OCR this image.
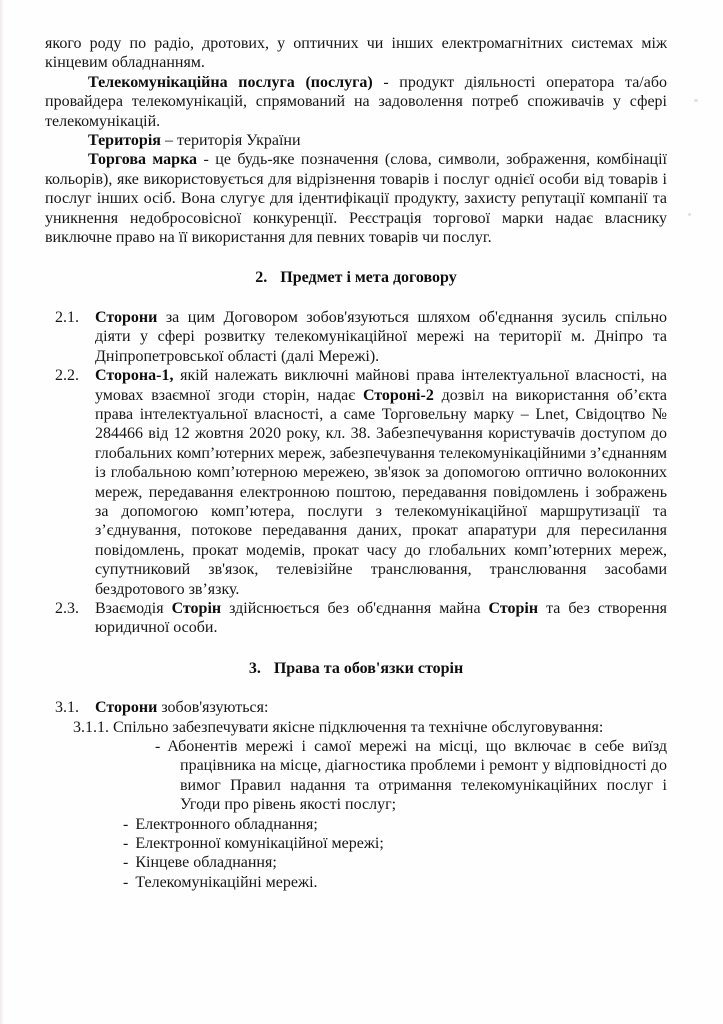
якого роду по радіо, дротових, у оптичних чи інших електромагнітних системах між кінцевим обладнанням.
Телекомунікаційна послуга (послуга) - продукт діяльності оператора та/або провайдера телекомунікацій, спрямований на задоволення потреб споживачів у сфері телекомунікацій.
Територія – територія України
Торгова марка - це будь-яке позначення (слова, символи, зображення, комбінації кольорів), яке використовується для відрізнення товарів і послуг однієї особи від товарів і послуг інших осіб. Вона слугує для ідентифікації продукту, захисту репутації компанії та уникнення недобросовісної конкуренції. Реєстрація торгової марки надає власнику виключне право на її використання для певних товарів чи послуг.
2. Предмет і мета договору
2.1. Сторони за цим Договором зобов'язуються шляхом об'єднання зусиль спільно діяти у сфері розвитку телекомунікаційної мережі на території м. Дніпро та Дніпропетровської області (далі Мережі).
2.2. Сторона-1, якій належать виключні майнові права інтелектуальної власності, на умовах взаємної згоди сторін, надає Стороні-2 дозвіл на використання об’єкта права інтелектуальної власності, а саме Торговельну марку – Lnet, Свідоцтво № 284466 від 12 жовтня 2020 року, кл. 38. Забезпечування користувачів доступом до глобальних комп’ютерних мереж, забезпечування телекомунікаційними з’єднанням із глобальною комп’ютерною мережею, зв'язок за допомогою оптично волоконних мереж, передавання електронною поштою, передавання повідомлень і зображень за допомогою комп’ютера, послуги з телекомунікаційної маршрутизації та з’єднування, потокове передавання даних, прокат апаратури для пересилання повідомлень, прокат модемів, прокат часу до глобальних комп’ютерних мереж, супутниковий зв'язок, телевізійне транслювання, транслювання засобами бездротового зв’язку.
2.3. Взаємодія Сторін здійснюється без об'єднання майна Сторін та без створення юридичної особи.
3. Права та обов'язки сторін
3.1. Сторони зобов'язуються:
3.1.1. Спільно забезпечувати якісне підключення та технічне обслуговування:
- Абонентів мережі і самої мережі на місці, що включає в себе виїзд працівника на місце, діагностика проблеми і ремонт у відповідності до вимог Правил надання та отримання телекомунікаційних послуг і Угоди про рівень якості послуг;
- Електронного обладнання;
- Електронної комунікаційної мережі;
- Кінцеве обладнання;
- Телекомунікаційні мережі.
